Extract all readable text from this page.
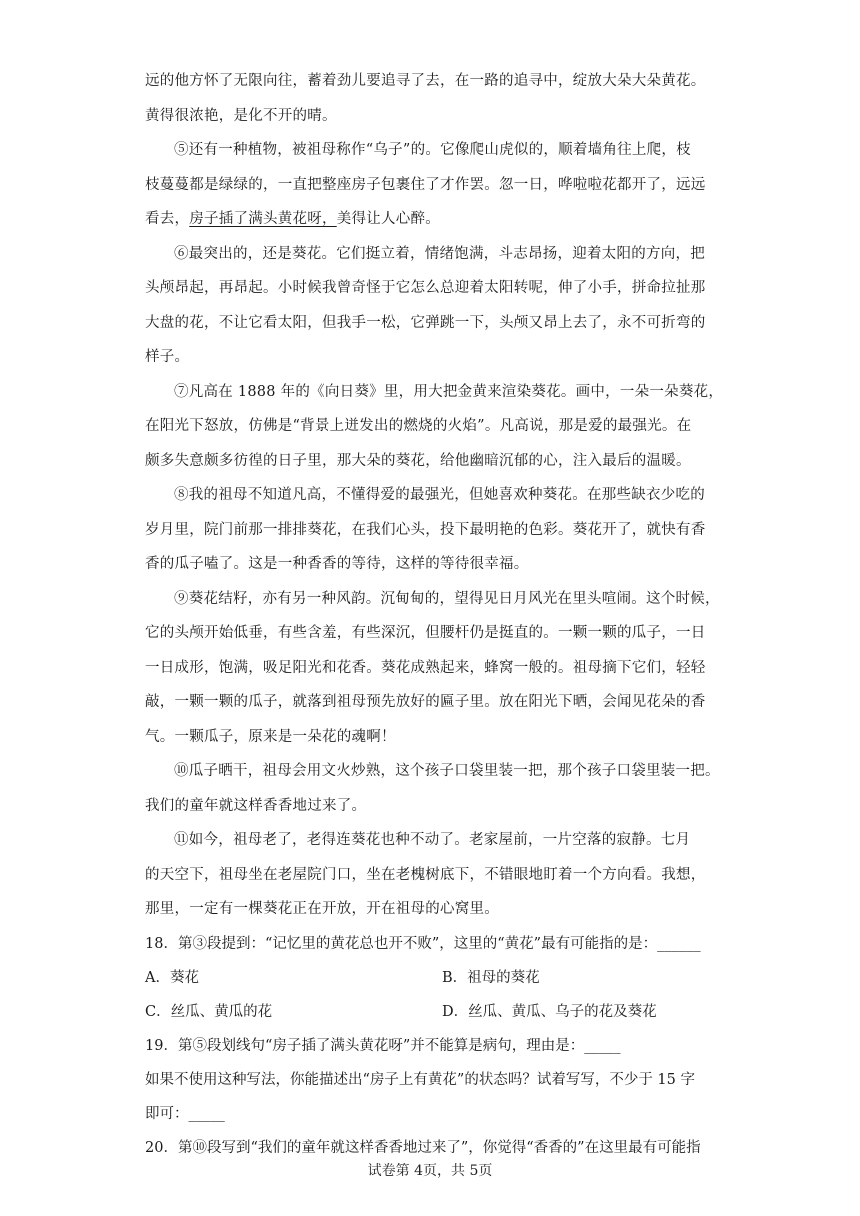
远的他方怀了无限向往，蓄着劲儿要追寻了去，在一路的追寻中，绽放大朵大朵黄花。
黄得很浓艳，是化不开的晴。
⑤还有一种植物，被祖母称作“乌子”的。它像爬山虎似的，顺着墙角往上爬，枝
枝蔓蔓都是绿绿的，一直把整座房子包裹住了才作罢。忽一日，哗啦啦花都开了，远远
看去，房子插了满头黄花呀，美得让人心醉。
⑥最突出的，还是葵花。它们挺立着，情绪饱满，斗志昂扬，迎着太阳的方向，把
头颅昂起，再昂起。小时候我曾奇怪于它怎么总迎着太阳转呢，伸了小手，拼命拉扯那
大盘的花，不让它看太阳，但我手一松，它弹跳一下，头颅又昂上去了，永不可折弯的
样子。
⑦凡高在 1888 年的《向日葵》里，用大把金黄来渲染葵花。画中，一朵一朵葵花，
在阳光下怒放，仿佛是“背景上迸发出的燃烧的火焰”。凡高说，那是爱的最强光。在
颇多失意颇多彷徨的日子里，那大朵的葵花，给他幽暗沉郁的心，注入最后的温暖。
⑧我的祖母不知道凡高，不懂得爱的最强光，但她喜欢种葵花。在那些缺衣少吃的
岁月里，院门前那一排排葵花，在我们心头，投下最明艳的色彩。葵花开了，就快有香
香的瓜子嗑了。这是一种香香的等待，这样的等待很幸福。
⑨葵花结籽，亦有另一种风韵。沉甸甸的，望得见日月风光在里头喧闹。这个时候，
它的头颅开始低垂，有些含羞，有些深沉，但腰杆仍是挺直的。一颗一颗的瓜子，一日
一日成形，饱满，吸足阳光和花香。葵花成熟起来，蜂窝一般的。祖母摘下它们，轻轻
敲，一颗一颗的瓜子，就落到祖母预先放好的匾子里。放在阳光下晒，会闻见花朵的香
气。一颗瓜子，原来是一朵花的魂啊！
⑩瓜子晒干，祖母会用文火炒熟，这个孩子口袋里装一把，那个孩子口袋里装一把。
我们的童年就这样香香地过来了。
⑪如今，祖母老了，老得连葵花也种不动了。老家屋前，一片空落的寂静。七月
的天空下，祖母坐在老屋院门口，坐在老槐树底下，不错眼地盯着一个方向看。我想，
那里，一定有一棵葵花正在开放，开在祖母的心窝里。
18．第③段提到：“记忆里的黄花总也开不败”，这里的“黄花”最有可能指的是：______
A．葵花	B．祖母的葵花
C．丝瓜、黄瓜的花	D．丝瓜、黄瓜、乌子的花及葵花
19．第⑤段划线句“房子插了满头黄花呀”并不能算是病句，理由是：_____
如果不使用这种写法，你能描述出“房子上有黄花”的状态吗？试着写写，不少于 15 字
即可：_____
20．第⑩段写到“我们的童年就这样香香地过来了”，你觉得“香香的”在这里最有可能指
试卷第 4页，共 5页
